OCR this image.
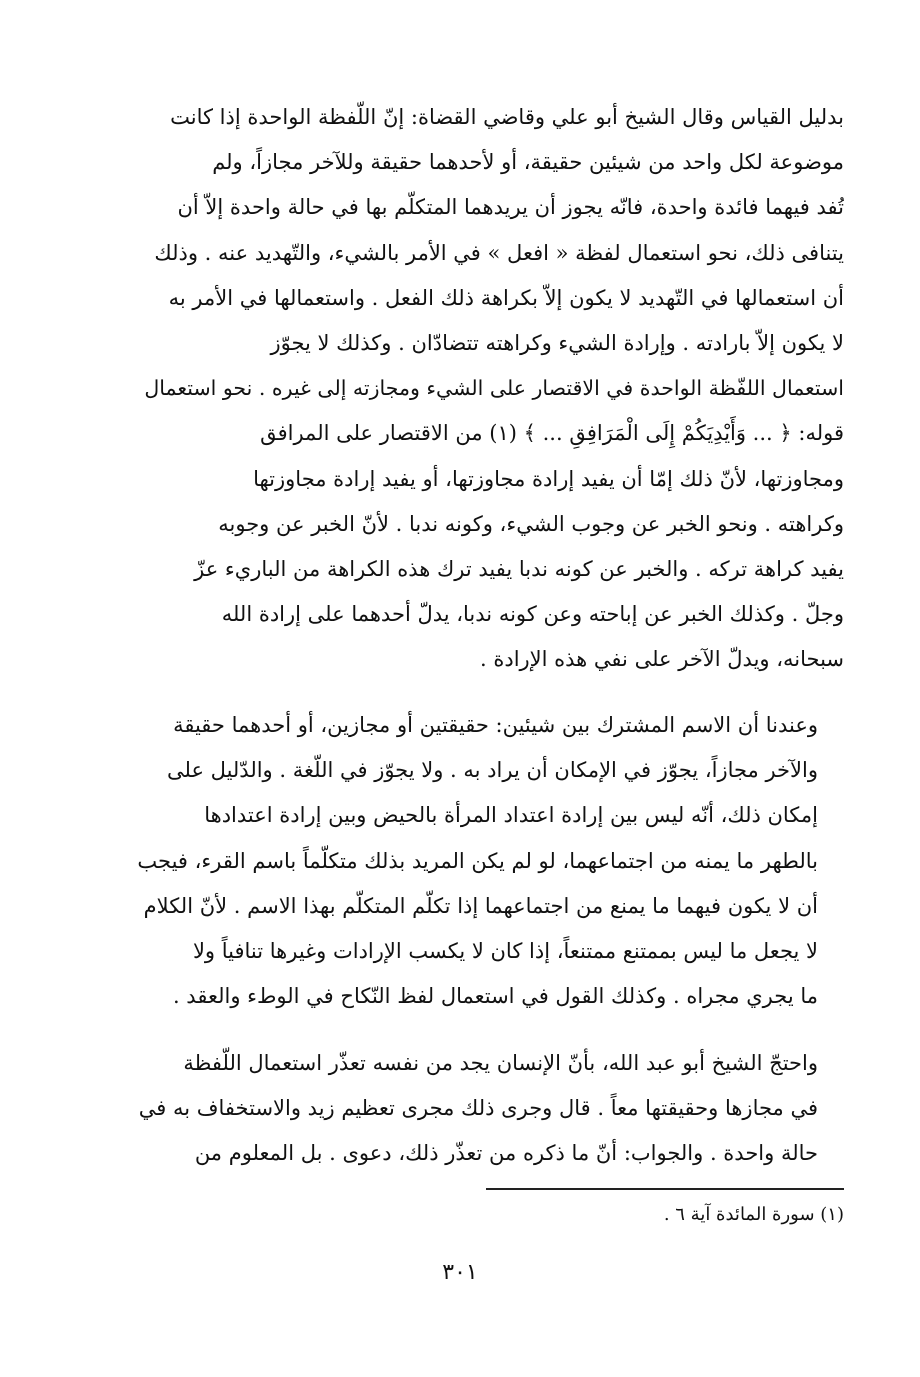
بدليل القياس وقال الشيخ أبو علي وقاضي القضاة: إنّ اللّفظة الواحدة إذا كانت
موضوعة لكل واحد من شيئين حقيقة، أو لأحدهما حقيقة وللآخر مجازاً، ولم
تُفد فيهما فائدة واحدة، فانّه يجوز أن يريدهما المتكلّم بها في حالة واحدة إلاّ أن
يتنافى ذلك، نحو استعمال لفظة « افعل » في الأمر بالشيء، والتّهديد عنه . وذلك
أن استعمالها في التّهديد لا يكون إلاّ بكراهة ذلك الفعل . واستعمالها في الأمر به
لا يكون إلاّ بارادته . وإرادة الشيء وكراهته تتضادّان . وكذلك لا يجوّز
استعمال اللفّظة الواحدة في الاقتصار على الشيء ومجازته إلى غيره . نحو استعمال
قوله: ﴿ ... وَأَيْدِيَكُمْ إِلَى الْمَرَافِقِ ... ﴾ (١) من الاقتصار على المرافق
ومجاوزتها، لأنّ ذلك إمّا أن يفيد إرادة مجاوزتها، أو يفيد إرادة مجاوزتها
وكراهته . ونحو الخبر عن وجوب الشيء، وكونه ندبا . لأنّ الخبر عن وجوبه
يفيد كراهة تركه . والخبر عن كونه ندبا يفيد ترك هذه الكراهة من الباريء عزّ
وجلّ . وكذلك الخبر عن إباحته وعن كونه ندبا، يدلّ أحدهما على إرادة الله
سبحانه، ويدلّ الآخر على نفي هذه الإرادة .
وعندنا أن الاسم المشترك بين شيئين: حقيقتين أو مجازين، أو أحدهما حقيقة
والآخر مجازاً، يجوّز في الإمكان أن يراد به . ولا يجوّز في اللّغة . والدّليل على
إمكان ذلك، أنّه ليس بين إرادة اعتداد المرأة بالحيض وبين إرادة اعتدادها
بالطهر ما يمنه من اجتماعهما، لو لم يكن المريد بذلك متكلّماً باسم القرء، فيجب
أن لا يكون فيهما ما يمنع من اجتماعهما إذا تكلّم المتكلّم بهذا الاسم . لأنّ الكلام
لا يجعل ما ليس بممتنع ممتنعاً، إذا كان لا يكسب الإرادات وغيرها تنافياً ولا
ما يجري مجراه . وكذلك القول في استعمال لفظ النّكاح في الوطء والعقد .
واحتجّ الشيخ أبو عبد الله، بأنّ الإنسان يجد من نفسه تعذّر استعمال اللّفظة
في مجازها وحقيقتها معاً . قال وجرى ذلك مجرى تعظيم زيد والاستخفاف به في
حالة واحدة . والجواب: أنّ ما ذكره من تعذّر ذلك، دعوى . بل المعلوم من
(١) سورة المائدة آية ٦ .
٣٠١
